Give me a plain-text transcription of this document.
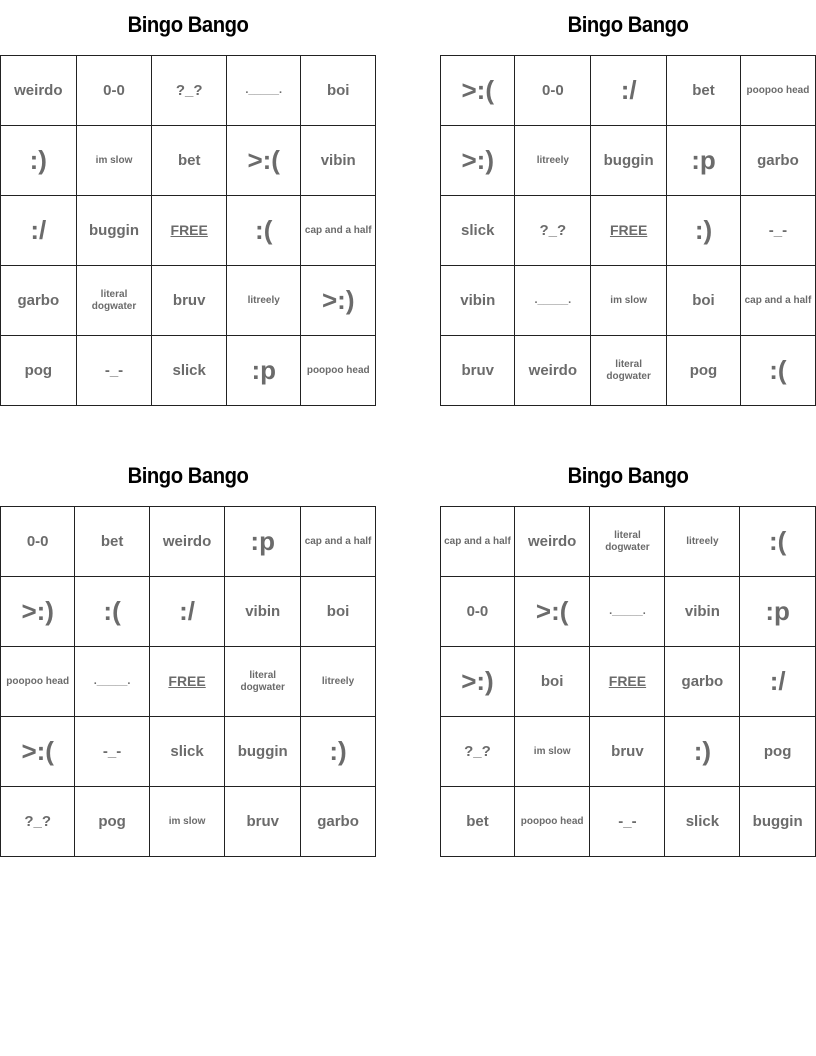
Bingo Bango
weirdo	0-0	?_?	._____.	boi
:)	im slow	bet	>:(	vibin
:/	buggin	FREE	:(	cap and a half
garbo	literal dogwater	bruv	litreely	>:)
pog	-_-	slick	:p	poopoo head
Bingo Bango
>:(	0-0	:/	bet	poopoo head
>:)	litreely	buggin	:p	garbo
slick	?_?	FREE	:)	-_-
vibin	._____.	im slow	boi	cap and a half
bruv	weirdo	literal dogwater	pog	:(
Bingo Bango
0-0	bet	weirdo	:p	cap and a half
>:)	:(	:/	vibin	boi
poopoo head	._____.	FREE	literal dogwater	litreely
>:(	-_-	slick	buggin	:)
?_?	pog	im slow	bruv	garbo
Bingo Bango
cap and a half	weirdo	literal dogwater	litreely	:(
0-0	>:(	._____.	vibin	:p
>:)	boi	FREE	garbo	:/
?_?	im slow	bruv	:)	pog
bet	poopoo head	-_-	slick	buggin
